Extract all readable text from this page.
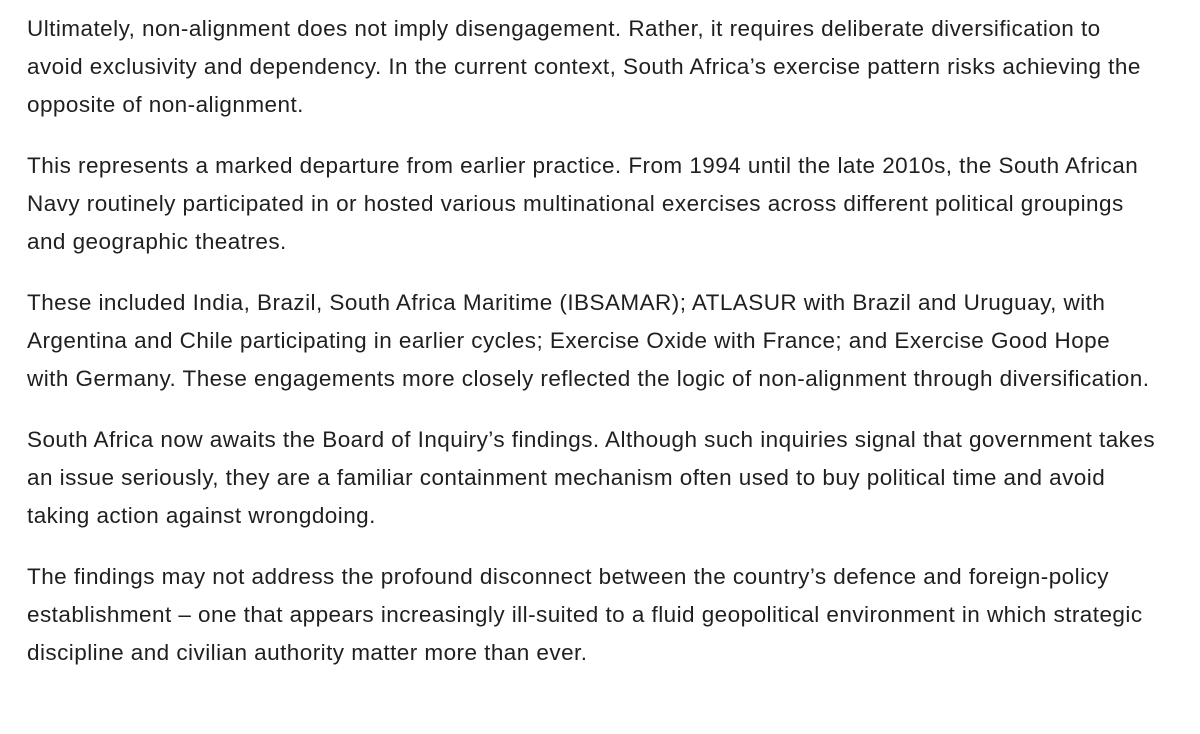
Ultimately, non-alignment does not imply disengagement. Rather, it requires deliberate diversification to avoid exclusivity and dependency. In the current context, South Africa’s exercise pattern risks achieving the opposite of non-alignment.

This represents a marked departure from earlier practice. From 1994 until the late 2010s, the South African Navy routinely participated in or hosted various multinational exercises across different political groupings and geographic theatres.

These included India, Brazil, South Africa Maritime (IBSAMAR); ATLASUR with Brazil and Uruguay, with Argentina and Chile participating in earlier cycles; Exercise Oxide with France; and Exercise Good Hope with Germany. These engagements more closely reflected the logic of non-alignment through diversification.

South Africa now awaits the Board of Inquiry’s findings. Although such inquiries signal that government takes an issue seriously, they are a familiar containment mechanism often used to buy political time and avoid taking action against wrongdoing.

The findings may not address the profound disconnect between the country’s defence and foreign-policy establishment – one that appears increasingly ill-suited to a fluid geopolitical environment in which strategic discipline and civilian authority matter more than ever.
